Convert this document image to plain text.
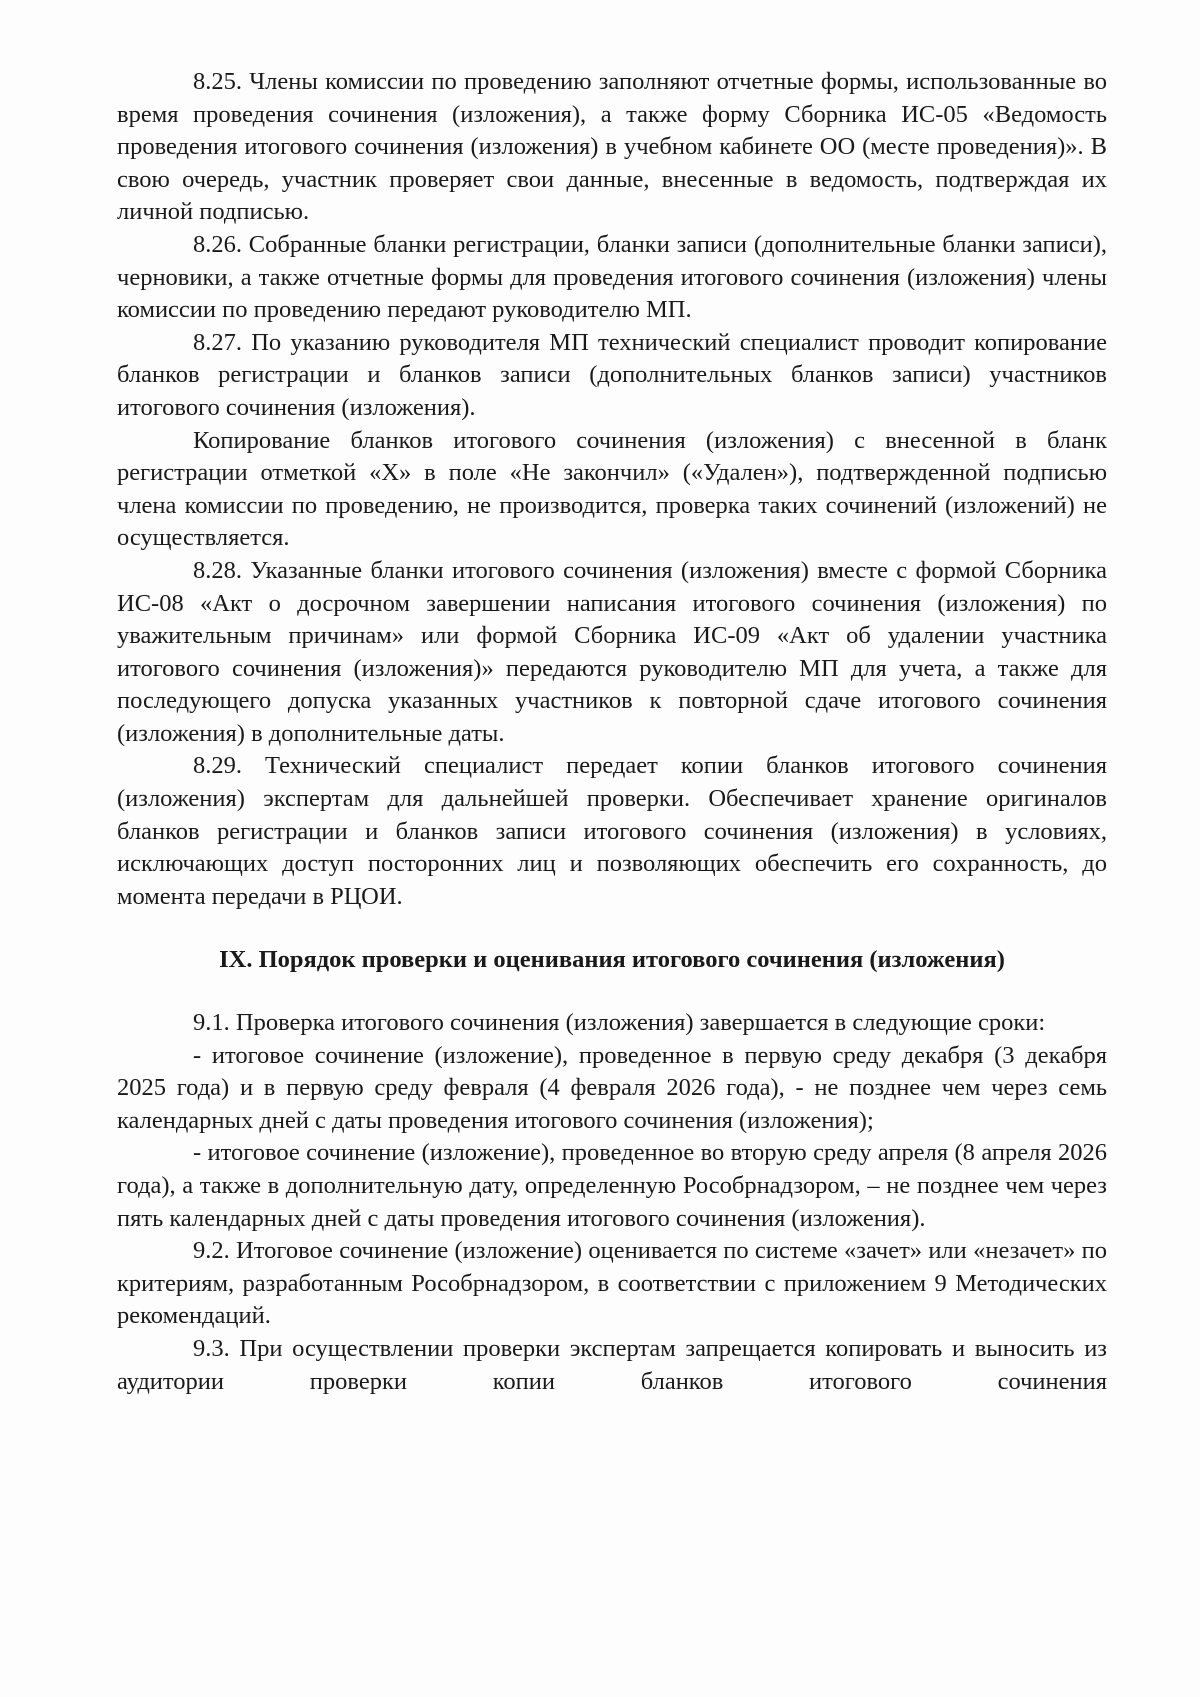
8.25. Члены комиссии по проведению заполняют отчетные формы, использованные во время проведения сочинения (изложения), а также форму Сборника ИС-05 «Ведомость проведения итогового сочинения (изложения) в учебном кабинете ОО (месте проведения)». В свою очередь, участник проверяет свои данные, внесенные в ведомость, подтверждая их личной подписью.

8.26. Собранные бланки регистрации, бланки записи (дополнительные бланки записи), черновики, а также отчетные формы для проведения итогового сочинения (изложения) члены комиссии по проведению передают руководителю МП.

8.27. По указанию руководителя МП технический специалист проводит копирование бланков регистрации и бланков записи (дополнительных бланков записи) участников итогового сочинения (изложения).

Копирование бланков итогового сочинения (изложения) с внесенной в бланк регистрации отметкой «Х» в поле «Не закончил» («Удален»), подтвержденной подписью члена комиссии по проведению, не производится, проверка таких сочинений (изложений) не осуществляется.

8.28. Указанные бланки итогового сочинения (изложения) вместе с формой Сборника ИС-08 «Акт о досрочном завершении написания итогового сочинения (изложения) по уважительным причинам» или формой Сборника ИС-09 «Акт об удалении участника итогового сочинения (изложения)» передаются руководителю МП для учета, а также для последующего допуска указанных участников к повторной сдаче итогового сочинения (изложения) в дополнительные даты.

8.29. Технический специалист передает копии бланков итогового сочинения (изложения) экспертам для дальнейшей проверки. Обеспечивает хранение оригиналов бланков регистрации и бланков записи итогового сочинения (изложения) в условиях, исключающих доступ посторонних лиц и позволяющих обеспечить его сохранность, до момента передачи в РЦОИ.

IX. Порядок проверки и оценивания итогового сочинения (изложения)

9.1. Проверка итогового сочинения (изложения) завершается в следующие сроки:

- итоговое сочинение (изложение), проведенное в первую среду декабря (3 декабря 2025 года) и в первую среду февраля (4 февраля 2026 года), - не позднее чем через семь календарных дней с даты проведения итогового сочинения (изложения);

- итоговое сочинение (изложение), проведенное во вторую среду апреля (8 апреля 2026 года), а также в дополнительную дату, определенную Рособрнадзором, – не позднее чем через пять календарных дней с даты проведения итогового сочинения (изложения).

9.2. Итоговое сочинение (изложение) оценивается по системе «зачет» или «незачет» по критериям, разработанным Рособрнадзором, в соответствии с приложением 9 Методических рекомендаций.

9.3. При осуществлении проверки экспертам запрещается копировать и выносить из аудитории проверки копии бланков итогового сочинения
